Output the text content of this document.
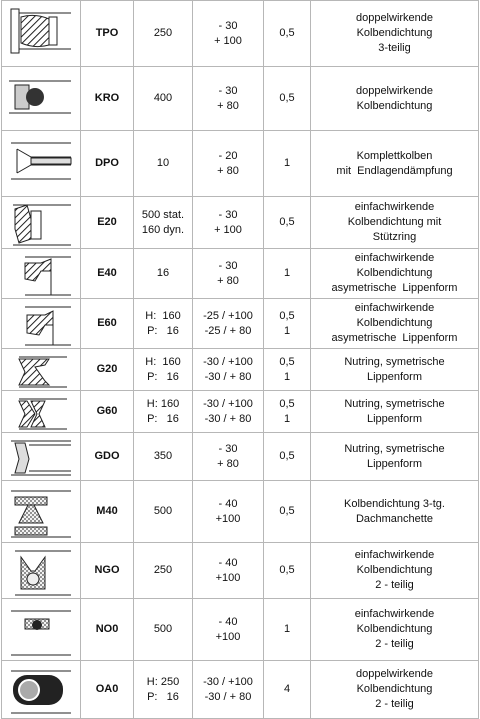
	TPO	250	- 30
+ 100	0,5	doppelwirkende
Kolbendichtung
3-teilig

	KRO	400	- 30
+ 80	0,5	doppelwirkende
Kolbendichtung

	DPO	10	- 20
+ 80	1	Komplettkolben
mit  Endlagendämpfung

	E20	500 stat.
160 dyn.	- 30
+ 100	0,5	einfachwirkende
Kolbendichtung mit
Stützring

	E40	16	- 30
+ 80	1	einfachwirkende
Kolbendichtung
asymetrische  Lippenform

	E60	H:  160
P:   16	-25 / +100
-25 / + 80	0,5
1	einfachwirkende
Kolbendichtung
asymetrische  Lippenform

	G20	H:  160
P:   16	-30 / +100
-30 / + 80	0,5
1	Nutring, symetrische
Lippenform

	G60	H: 160
P:   16	-30 / +100
-30 / + 80	0,5
1	Nutring, symetrische
Lippenform

	GDO	350	- 30
+ 80	0,5	Nutring, symetrische
Lippenform

	M40	500	- 40
+100	0,5	Kolbendichtung 3-tg.
Dachmanchette

	NGO	250	- 40
+100	0,5	einfachwirkende
Kolbendichtung
2 - teilig

	NO0	500	- 40
+100	1	einfachwirkende
Kolbendichtung
2 - teilig

	OA0	H: 250
P:   16	-30 / +100
-30 / + 80	4	doppelwirkende
Kolbendichtung
2 - teilig
